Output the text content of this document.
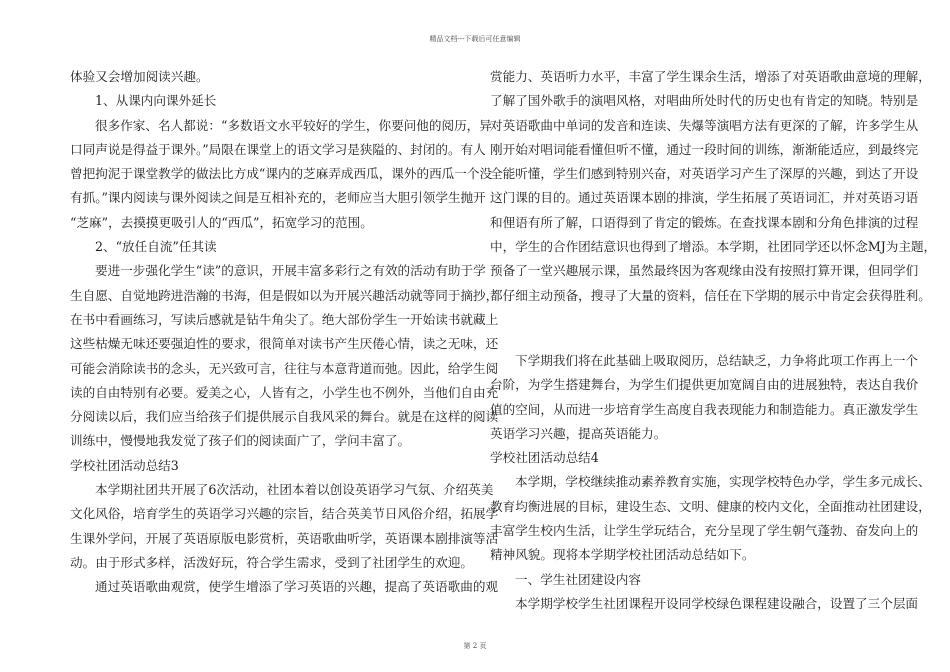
精品文档---下载后可任意编辑

体验又会增加阅读兴趣。

1、从课内向课外延长

很多作家、名人都说：“多数语文水平较好的学生，你要问他的阅历，异

口同声说是得益于课外。”局限在课堂上的语文学习是狭隘的、封闭的。有人

曾把拘泥于课堂教学的做法比方成“课内的芝麻弄成西瓜，课外的西瓜一个没

有抓。”课内阅读与课外阅读之间是互相补充的，老师应当大胆引领学生抛开

“芝麻”，去摸摸更吸引人的“西瓜”，拓宽学习的范围。

2、“放任自流”任其读

要进一步强化学生“读”的意识，开展丰富多彩行之有效的活动有助于学

生自愿、自觉地跨进浩瀚的书海，但是假如以为开展兴趣活动就等同于摘抄，

在书中看画练习，写读后感就是钻牛角尖了。绝大部份学生一开始读书就藏上

这些枯燥无味还要强迫性的要求，很简单对读书产生厌倦心情，读之无味，还

可能会消除读书的念头，无兴致可言，往往与本意背道而弛。因此，给学生阅

读的自由特别有必要。爱美之心，人皆有之，小学生也不例外，当他们自由充

分阅读以后，我们应当给孩子们提供展示自我风采的舞台。就是在这样的阅读

训练中，慢慢地我发觉了孩子们的阅读面广了，学问丰富了。

学校社团活动总结3

本学期社团共开展了6次活动，社团本着以创设英语学习气氛、介绍英美

文化风俗，培育学生的英语学习兴趣的宗旨，结合英美节日风俗介绍，拓展学

生课外学问，开展了英语原版电影赏析，英语歌曲听学，英语课本剧排演等活

动。由于形式多样，活泼好玩，符合学生需求，受到了社团学生的欢迎。

通过英语歌曲观赏，使学生增添了学习英语的兴趣，提高了英语歌曲的观

赏能力、英语听力水平，丰富了学生课余生活，增添了对英语歌曲意境的理解，

了解了国外歌手的演唱风格，对唱曲所处时代的历史也有肯定的知晓。特别是

对英语歌曲中单词的发音和连读、失爆等演唱方法有更深的了解，许多学生从

刚开始对唱词能看懂但听不懂，通过一段时间的训练，渐渐能适应，到最终完

全能听懂，学生们感到特别兴奋，对英语学习产生了深厚的兴趣，到达了开设

这门课的目的。通过英语课本剧的排演，学生拓展了英语词汇，并对英语习语

和俚语有所了解，口语得到了肯定的锻炼。在查找课本剧和分角色排演的过程

中，学生的合作团结意识也得到了增添。本学期，社团同学还以怀念MJ为主题，

预备了一堂兴趣展示课，虽然最终因为客观缘由没有按照打算开课，但同学们

都仔细主动预备，搜寻了大量的资料，信任在下学期的展示中肯定会获得胜利。

下学期我们将在此基础上吸取阅历，总结缺乏，力争将此项工作再上一个

台阶，为学生搭建舞台，为学生们提供更加宽阔自由的进展独特，表达自我价

值的空间，从而进一步培育学生高度自我表现能力和制造能力。真正激发学生

英语学习兴趣，提高英语能力。

学校社团活动总结4

本学期，学校继续推动素养教育实施，实现学校特色办学，学生多元成长、

教育均衡进展的目标，建设生态、文明、健康的校内文化，全面推动社团建设，

丰富学生校内生活，让学生学玩结合，充分呈现了学生朝气蓬勃、奋发向上的

精神风貌。现将本学期学校社团活动总结如下。

一、学生社团建设内容

本学期学校学生社团课程开设同学校绿色课程建设融合，设置了三个层面

第 2 页
